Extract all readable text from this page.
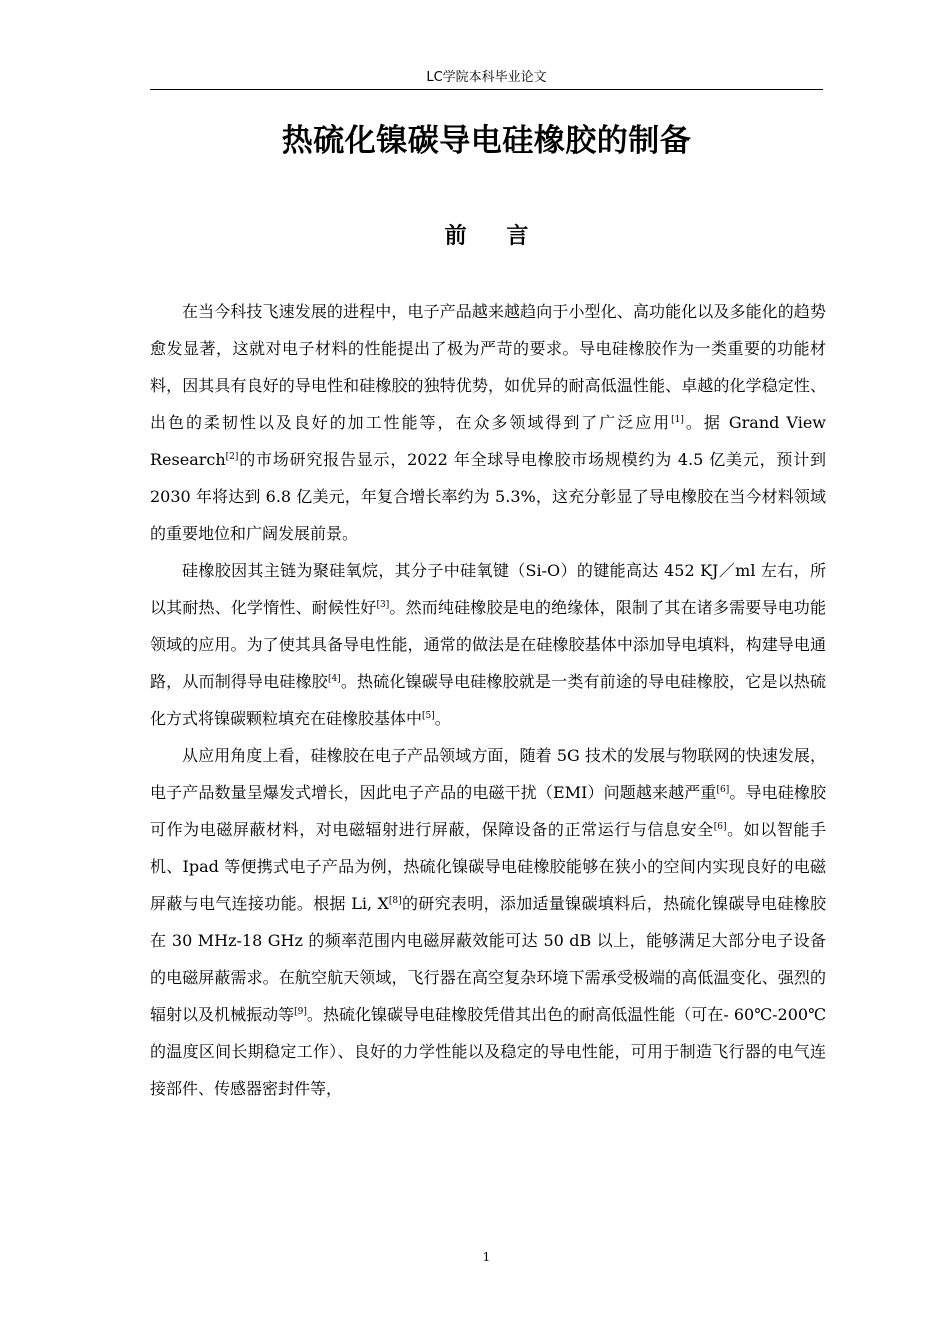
LC学院本科毕业论文
热硫化镍碳导电硅橡胶的制备
前 言

在当今科技飞速发展的进程中，电子产品越来越趋向于小型化、高功能化以及多能化的趋势愈发显著，这就对电子材料的性能提出了极为严苛的要求。导电硅橡胶作为一类重要的功能材料，因其具有良好的导电性和硅橡胶的独特优势，如优异的耐高低温性能、卓越的化学稳定性、出色的柔韧性以及良好的加工性能等，在众多领域得到了广泛应用[1]。据 Grand View Research[2]的市场研究报告显示，2022 年全球导电橡胶市场规模约为 4.5 亿美元，预计到 2030 年将达到 6.8 亿美元，年复合增长率约为 5.3%，这充分彰显了导电橡胶在当今材料领域的重要地位和广阔发展前景。

硅橡胶因其主链为聚硅氧烷，其分子中硅氧键（Si-O）的键能高达 452 KJ／ml 左右，所以其耐热、化学惰性、耐候性好[3]。然而纯硅橡胶是电的绝缘体，限制了其在诸多需要导电功能领域的应用。为了使其具备导电性能，通常的做法是在硅橡胶基体中添加导电填料，构建导电通路，从而制得导电硅橡胶[4]。热硫化镍碳导电硅橡胶就是一类有前途的导电硅橡胶，它是以热硫化方式将镍碳颗粒填充在硅橡胶基体中[5]。

从应用角度上看，硅橡胶在电子产品领域方面，随着 5G 技术的发展与物联网的快速发展，电子产品数量呈爆发式增长，因此电子产品的电磁干扰（EMI）问题越来越严重[6]。导电硅橡胶可作为电磁屏蔽材料，对电磁辐射进行屏蔽，保障设备的正常运行与信息安全[6]。如以智能手机、Ipad 等便携式电子产品为例，热硫化镍碳导电硅橡胶能够在狭小的空间内实现良好的电磁屏蔽与电气连接功能。根据 Li, X[8]的研究表明，添加适量镍碳填料后，热硫化镍碳导电硅橡胶在 30 MHz-18 GHz 的频率范围内电磁屏蔽效能可达 50 dB 以上，能够满足大部分电子设备的电磁屏蔽需求。在航空航天领域，飞行器在高空复杂环境下需承受极端的高低温变化、强烈的辐射以及机械振动等[9]。热硫化镍碳导电硅橡胶凭借其出色的耐高低温性能（可在- 60℃-200℃的温度区间长期稳定工作）、良好的力学性能以及稳定的导电性能，可用于制造飞行器的电气连接部件、传感器密封件等，

1
